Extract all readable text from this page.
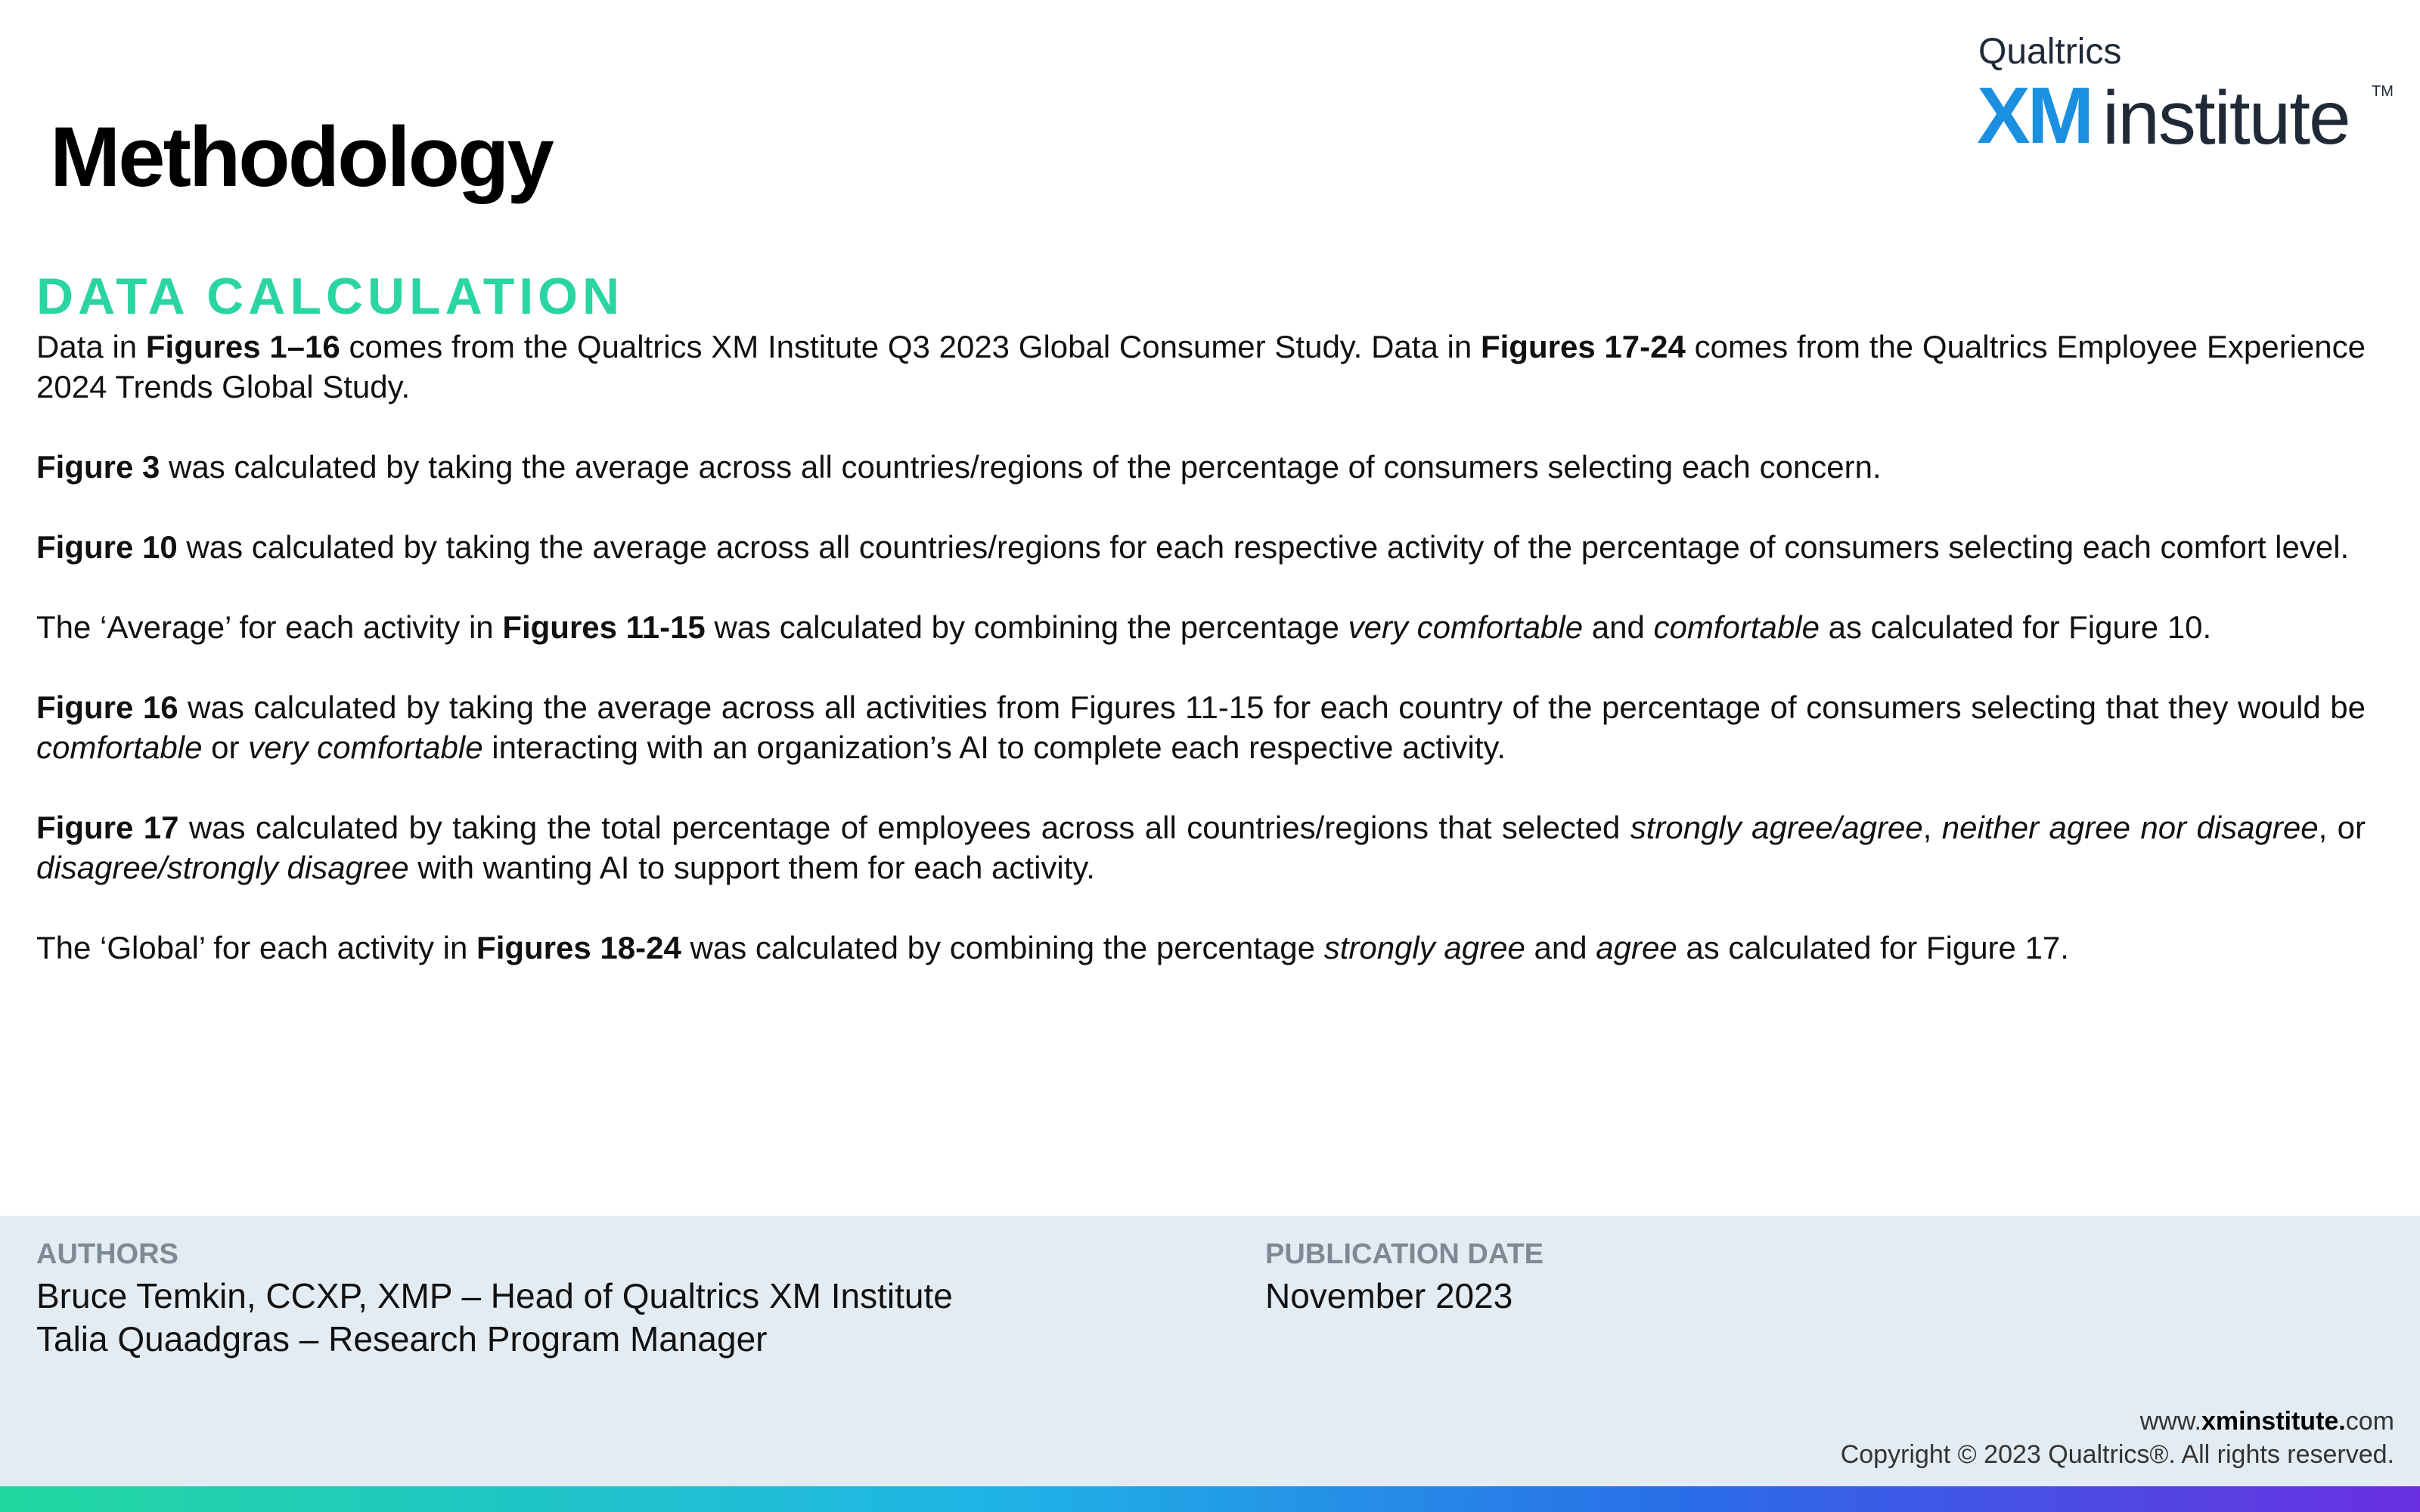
Methodology
Qualtrics
XM institute TM
DATA CALCULATION

Data in Figures 1–16 comes from the Qualtrics XM Institute Q3 2023 Global Consumer Study. Data in Figures 17-24 comes from the Qualtrics Employee Experience 2024 Trends Global Study.

Figure 3 was calculated by taking the average across all countries/regions of the percentage of consumers selecting each concern.

Figure 10 was calculated by taking the average across all countries/regions for each respective activity of the percentage of consumers selecting each comfort level.

The ‘Average’ for each activity in Figures 11-15 was calculated by combining the percentage very comfortable and comfortable as calculated for Figure 10.

Figure 16 was calculated by taking the average across all activities from Figures 11-15 for each country of the percentage of consumers selecting that they would be comfortable or very comfortable interacting with an organization’s AI to complete each respective activity.

Figure 17 was calculated by taking the total percentage of employees across all countries/regions that selected strongly agree/agree, neither agree nor disagree, or disagree/strongly disagree with wanting AI to support them for each activity.

The ‘Global’ for each activity in Figures 18-24 was calculated by combining the percentage strongly agree and agree as calculated for Figure 17.

AUTHORS
Bruce Temkin, CCXP, XMP – Head of Qualtrics XM Institute
Talia Quaadgras – Research Program Manager
PUBLICATION DATE
November 2023
www.xminstitute.com
Copyright © 2023 Qualtrics®. All rights reserved.
